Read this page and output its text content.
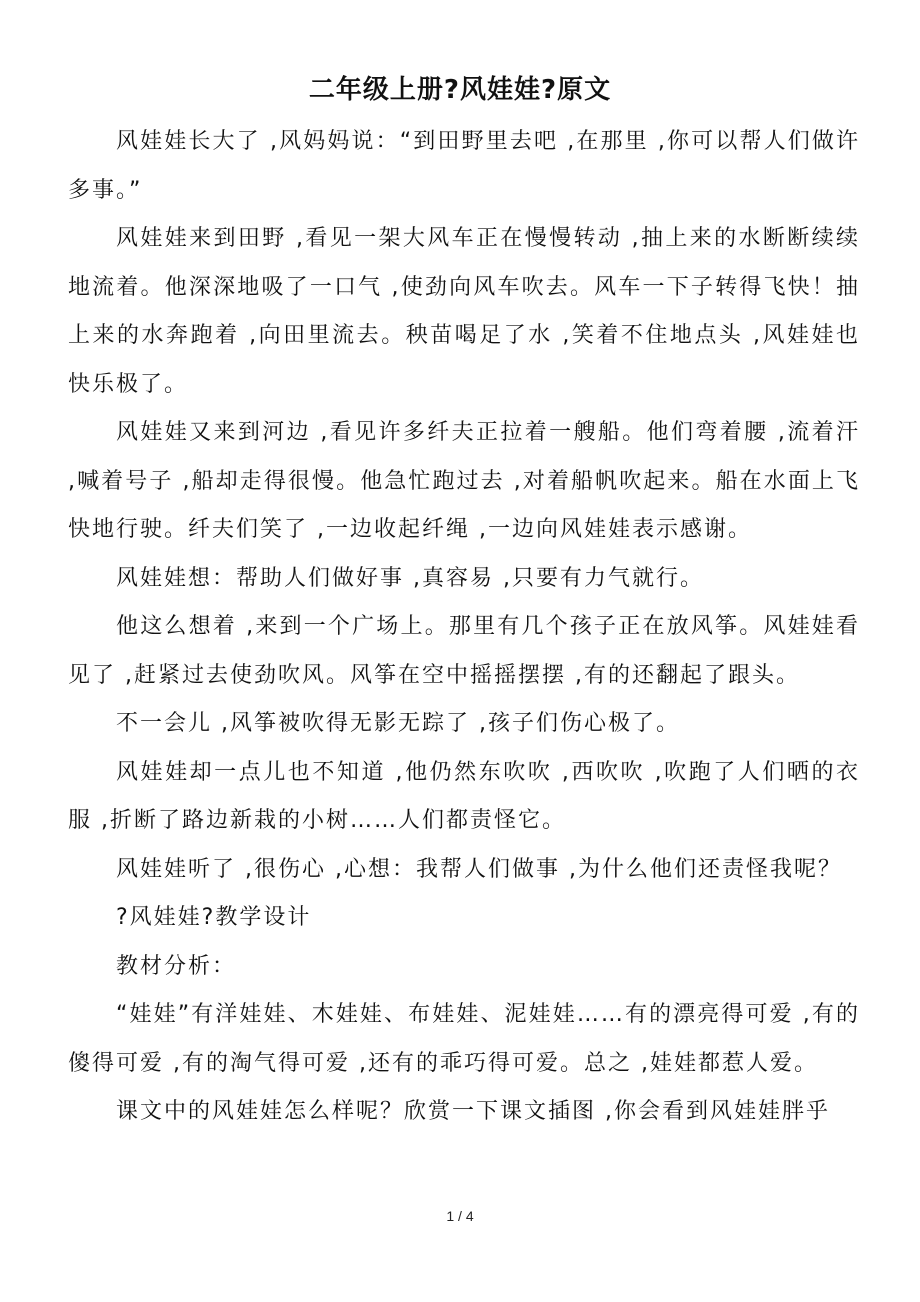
二年级上册?风娃娃?原文

风娃娃长大了 ,风妈妈说：“到田野里去吧 ,在那里 ,你可以帮人们做许多事。”

风娃娃来到田野 ,看见一架大风车正在慢慢转动 ,抽上来的水断断续续地流着。他深深地吸了一口气 ,使劲向风车吹去。风车一下子转得飞快！抽上来的水奔跑着 ,向田里流去。秧苗喝足了水 ,笑着不住地点头 ,风娃娃也快乐极了。

风娃娃又来到河边 ,看见许多纤夫正拉着一艘船。他们弯着腰 ,流着汗 ,喊着号子 ,船却走得很慢。他急忙跑过去 ,对着船帆吹起来。船在水面上飞快地行驶。纤夫们笑了 ,一边收起纤绳 ,一边向风娃娃表示感谢。

风娃娃想：帮助人们做好事 ,真容易 ,只要有力气就行。

他这么想着 ,来到一个广场上。那里有几个孩子正在放风筝。风娃娃看见了 ,赶紧过去使劲吹风。风筝在空中摇摇摆摆 ,有的还翻起了跟头。

不一会儿 ,风筝被吹得无影无踪了 ,孩子们伤心极了。

风娃娃却一点儿也不知道 ,他仍然东吹吹 ,西吹吹 ,吹跑了人们晒的衣服 ,折断了路边新栽的小树……人们都责怪它。

风娃娃听了 ,很伤心 ,心想：我帮人们做事 ,为什么他们还责怪我呢？

?风娃娃?教学设计

教材分析：

“娃娃”有洋娃娃、木娃娃、布娃娃、泥娃娃……有的漂亮得可爱 ,有的傻得可爱 ,有的淘气得可爱 ,还有的乖巧得可爱。总之 ,娃娃都惹人爱。

课文中的风娃娃怎么样呢？欣赏一下课文插图 ,你会看到风娃娃胖乎

1 / 4
